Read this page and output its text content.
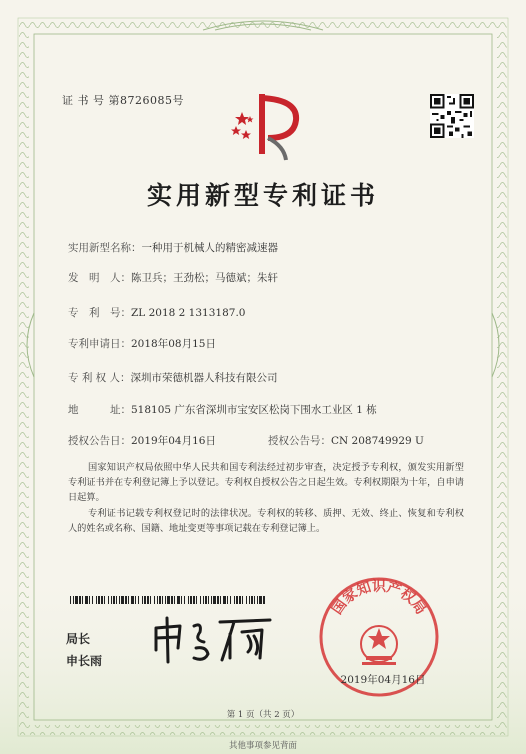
证 书 号 第8726085号
实用新型专利证书
实用新型名称：一种用于机械人的精密减速器
发　明　人：陈卫兵；王劲松；马德斌；朱轩
专　利　号：ZL 2018 2 1313187.0
专利申请日：2018年08月15日
专 利 权 人：深圳市荣德机器人科技有限公司
地　　　址：518105 广东省深圳市宝安区松岗下围水工业区 1 栋
授权公告日：2019年04月16日	授权公告号：CN 208749929 U
国家知识产权局依照中华人民共和国专利法经过初步审查，决定授予专利权，颁发实用新型专利证书并在专利登记簿上予以登记。专利权自授权公告之日起生效。专利权期限为十年，自申请日起算。
专利证书记载专利权登记时的法律状况。专利权的转移、质押、无效、终止、恢复和专利权人的姓名或名称、国籍、地址变更等事项记载在专利登记簿上。
局长
申长雨
国家知识产权局
2019年04月16日
第 1 页（共 2 页）
其他事项参见背面
